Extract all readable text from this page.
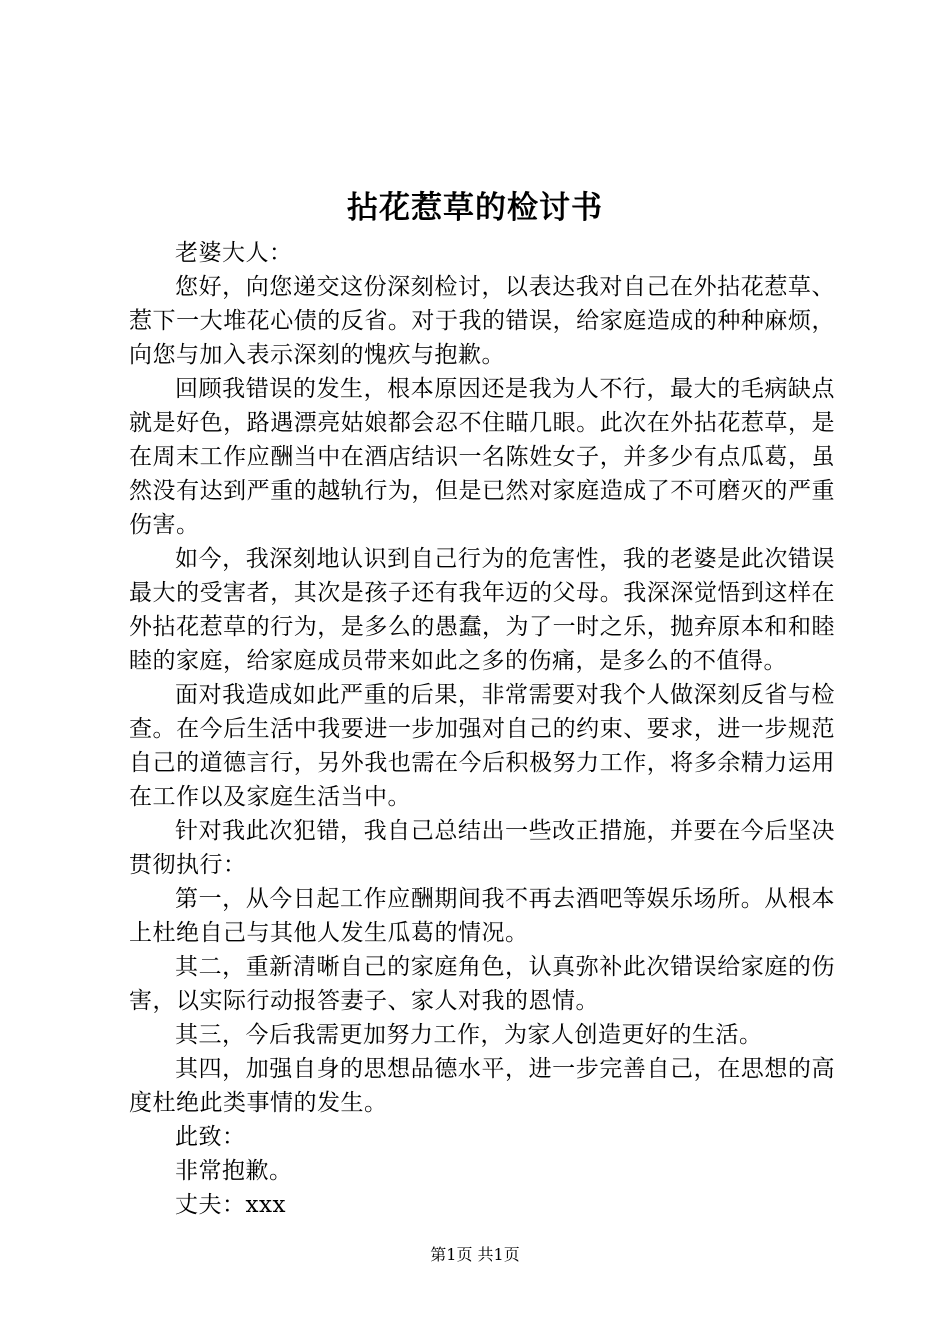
拈花惹草的检讨书

老婆大人：

您好，向您递交这份深刻检讨，以表达我对自己在外拈花惹草、惹下一大堆花心债的反省。对于我的错误，给家庭造成的种种麻烦，向您与加入表示深刻的愧疚与抱歉。

回顾我错误的发生，根本原因还是我为人不行，最大的毛病缺点就是好色，路遇漂亮姑娘都会忍不住瞄几眼。此次在外拈花惹草，是在周末工作应酬当中在酒店结识一名陈姓女子，并多少有点瓜葛，虽然没有达到严重的越轨行为，但是已然对家庭造成了不可磨灭的严重伤害。

如今，我深刻地认识到自己行为的危害性，我的老婆是此次错误最大的受害者，其次是孩子还有我年迈的父母。我深深觉悟到这样在外拈花惹草的行为，是多么的愚蠢，为了一时之乐，抛弃原本和和睦睦的家庭，给家庭成员带来如此之多的伤痛，是多么的不值得。

面对我造成如此严重的后果，非常需要对我个人做深刻反省与检查。在今后生活中我要进一步加强对自己的约束、要求，进一步规范自己的道德言行，另外我也需在今后积极努力工作，将多余精力运用在工作以及家庭生活当中。

针对我此次犯错，我自己总结出一些改正措施，并要在今后坚决贯彻执行：

第一，从今日起工作应酬期间我不再去酒吧等娱乐场所。从根本上杜绝自己与其他人发生瓜葛的情况。

其二，重新清晰自己的家庭角色，认真弥补此次错误给家庭的伤害，以实际行动报答妻子、家人对我的恩情。

其三，今后我需更加努力工作，为家人创造更好的生活。

其四，加强自身的思想品德水平，进一步完善自己，在思想的高度杜绝此类事情的发生。

此致：

非常抱歉。

丈夫：xxx

第1页 共1页
